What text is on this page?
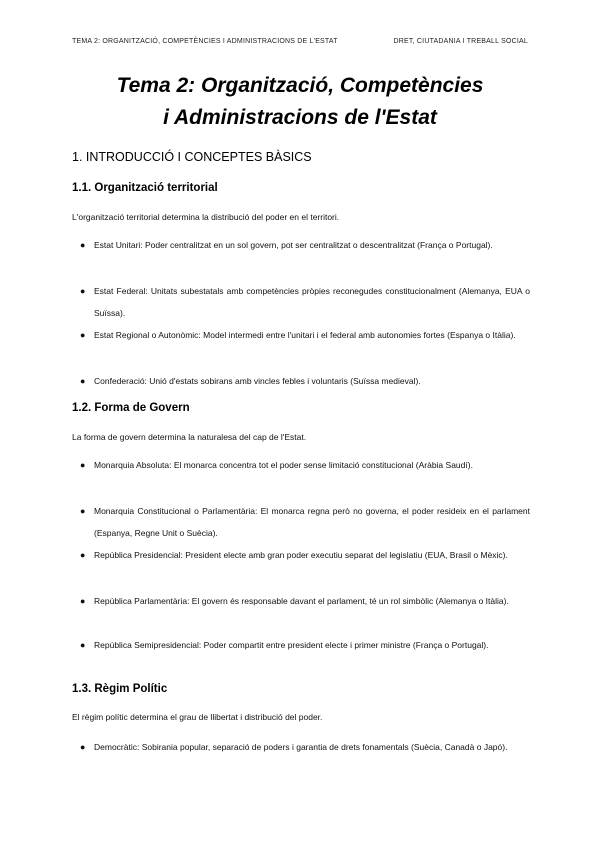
TEMA 2: ORGANITZACIÓ, COMPETÈNCIES I ADMINISTRACIONS DE L'ESTAT	DRET, CIUTADANIA I TREBALL SOCIAL
Tema 2: Organització, Competències
i Administracions de l'Estat
1. INTRODUCCIÓ I CONCEPTES BÀSICS
1.1. Organització territorial

L'organització territorial determina la distribució del poder en el territori.

● Estat Unitari: Poder centralitzat en un sol govern, pot ser centralitzat o descentralitzat (França o Portugal).
● Estat Federal: Unitats subestatals amb competències pròpies reconegudes constitucionalment (Alemanya, EUA o Suïssa).
● Estat Regional o Autonòmic: Model intermedi entre l'unitari i el federal amb autonomies fortes (Espanya o Itàlia).
● Confederació: Unió d'estats sobirans amb vincles febles i voluntaris (Suïssa medieval).
1.2. Forma de Govern

La forma de govern determina la naturalesa del cap de l'Estat.

● Monarquia Absoluta: El monarca concentra tot el poder sense limitació constitucional (Aràbia Saudí).
● Monarquia Constitucional o Parlamentària: El monarca regna però no governa, el poder resideix en el parlament (Espanya, Regne Unit o Suècia).
● República Presidencial: President electe amb gran poder executiu separat del legislatiu (EUA, Brasil o Mèxic).
● República Parlamentària: El govern és responsable davant el parlament, té un rol simbòlic (Alemanya o Itàlia).
● República Semipresidencial: Poder compartit entre president electe i primer ministre (França o Portugal).
1.3. Règim Polític

El règim polític determina el grau de llibertat i distribució del poder.

● Democràtic: Sobirania popular, separació de poders i garantia de drets fonamentals (Suècia, Canadà o Japó).
